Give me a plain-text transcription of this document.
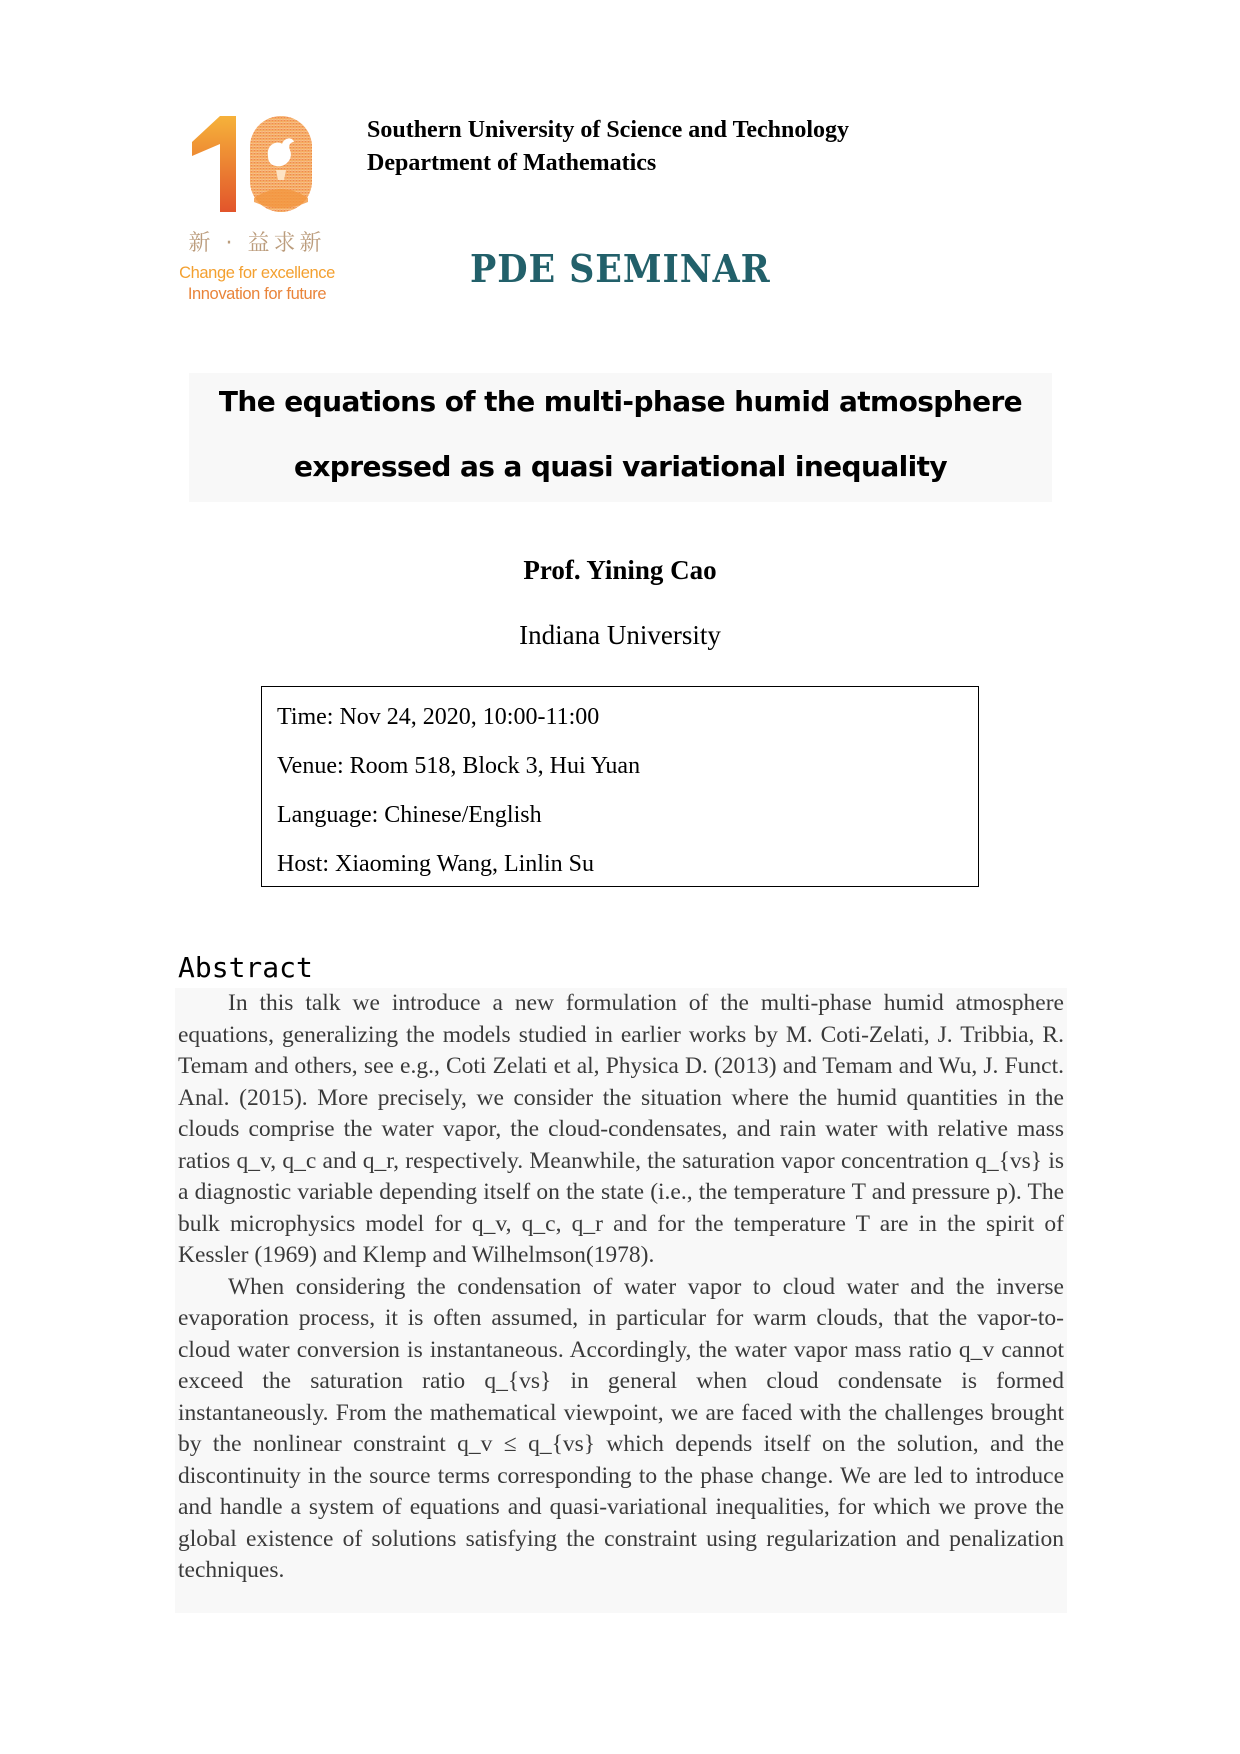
新 · 益求新
Change for excellence
Innovation for future
Southern University of Science and Technology
Department of Mathematics
PDE SEMINAR
The equations of the multi-phase humid atmosphere
expressed as a quasi variational inequality
Prof. Yining Cao
Indiana University
Time: Nov 24, 2020, 10:00-11:00
Venue: Room 518, Block 3, Hui Yuan
Language: Chinese/English
Host: Xiaoming Wang, Linlin Su
Abstract

In this talk we introduce a new formulation of the multi-phase humid atmosphere equations, generalizing the models studied in earlier works by M. Coti-Zelati, J. Tribbia, R. Temam and others, see e.g., Coti Zelati et al, Physica D. (2013) and Temam and Wu, J. Funct. Anal. (2015). More precisely, we consider the situation where the humid quantities in the clouds comprise the water vapor, the cloud-condensates, and rain water with relative mass ratios q_v, q_c and q_r, respectively. Meanwhile, the saturation vapor concentration q_{vs} is a diagnostic variable depending itself on the state (i.e., the temperature T and pressure p). The bulk microphysics model for q_v, q_c, q_r and for the temperature T are in the spirit of Kessler (1969) and Klemp and Wilhelmson(1978).

When considering the condensation of water vapor to cloud water and the inverse evaporation process, it is often assumed, in particular for warm clouds, that the vapor-to-cloud water conversion is instantaneous. Accordingly, the water vapor mass ratio q_v cannot exceed the saturation ratio q_{vs} in general when cloud condensate is formed instantaneously. From the mathematical viewpoint, we are faced with the challenges brought by the nonlinear constraint q_v ≤ q_{vs} which depends itself on the solution, and the discontinuity in the source terms corresponding to the phase change. We are led to introduce and handle a system of equations and quasi-variational inequalities, for which we prove the global existence of solutions satisfying the constraint using regularization and penalization techniques.
